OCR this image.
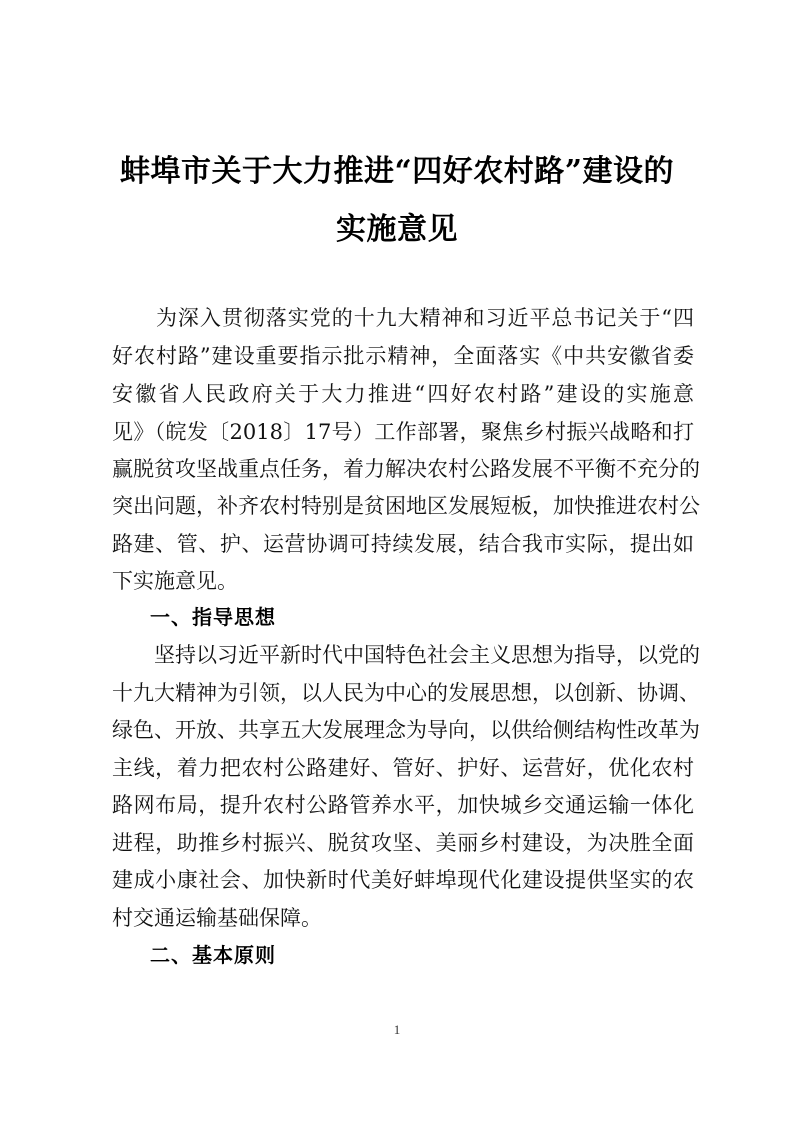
蚌埠市关于大力推进“四好农村路”建设的
实施意见
　　为深入贯彻落实党的十九大精神和习近平总书记关于“四
好农村路”建设重要指示批示精神，全面落实《中共安徽省委
安徽省人民政府关于大力推进“四好农村路”建设的实施意
见》（皖发〔2018〕17号）工作部署，聚焦乡村振兴战略和打
赢脱贫攻坚战重点任务，着力解决农村公路发展不平衡不充分的
突出问题，补齐农村特别是贫困地区发展短板，加快推进农村公
路建、管、护、运营协调可持续发展，结合我市实际，提出如
下实施意见。
一、指导思想
　　坚持以习近平新时代中国特色社会主义思想为指导，以党的
十九大精神为引领，以人民为中心的发展思想，以创新、协调、
绿色、开放、共享五大发展理念为导向，以供给侧结构性改革为
主线，着力把农村公路建好、管好、护好、运营好，优化农村
路网布局，提升农村公路管养水平，加快城乡交通运输一体化
进程，助推乡村振兴、脱贫攻坚、美丽乡村建设，为决胜全面
建成小康社会、加快新时代美好蚌埠现代化建设提供坚实的农
村交通运输基础保障。
二、基本原则
1
